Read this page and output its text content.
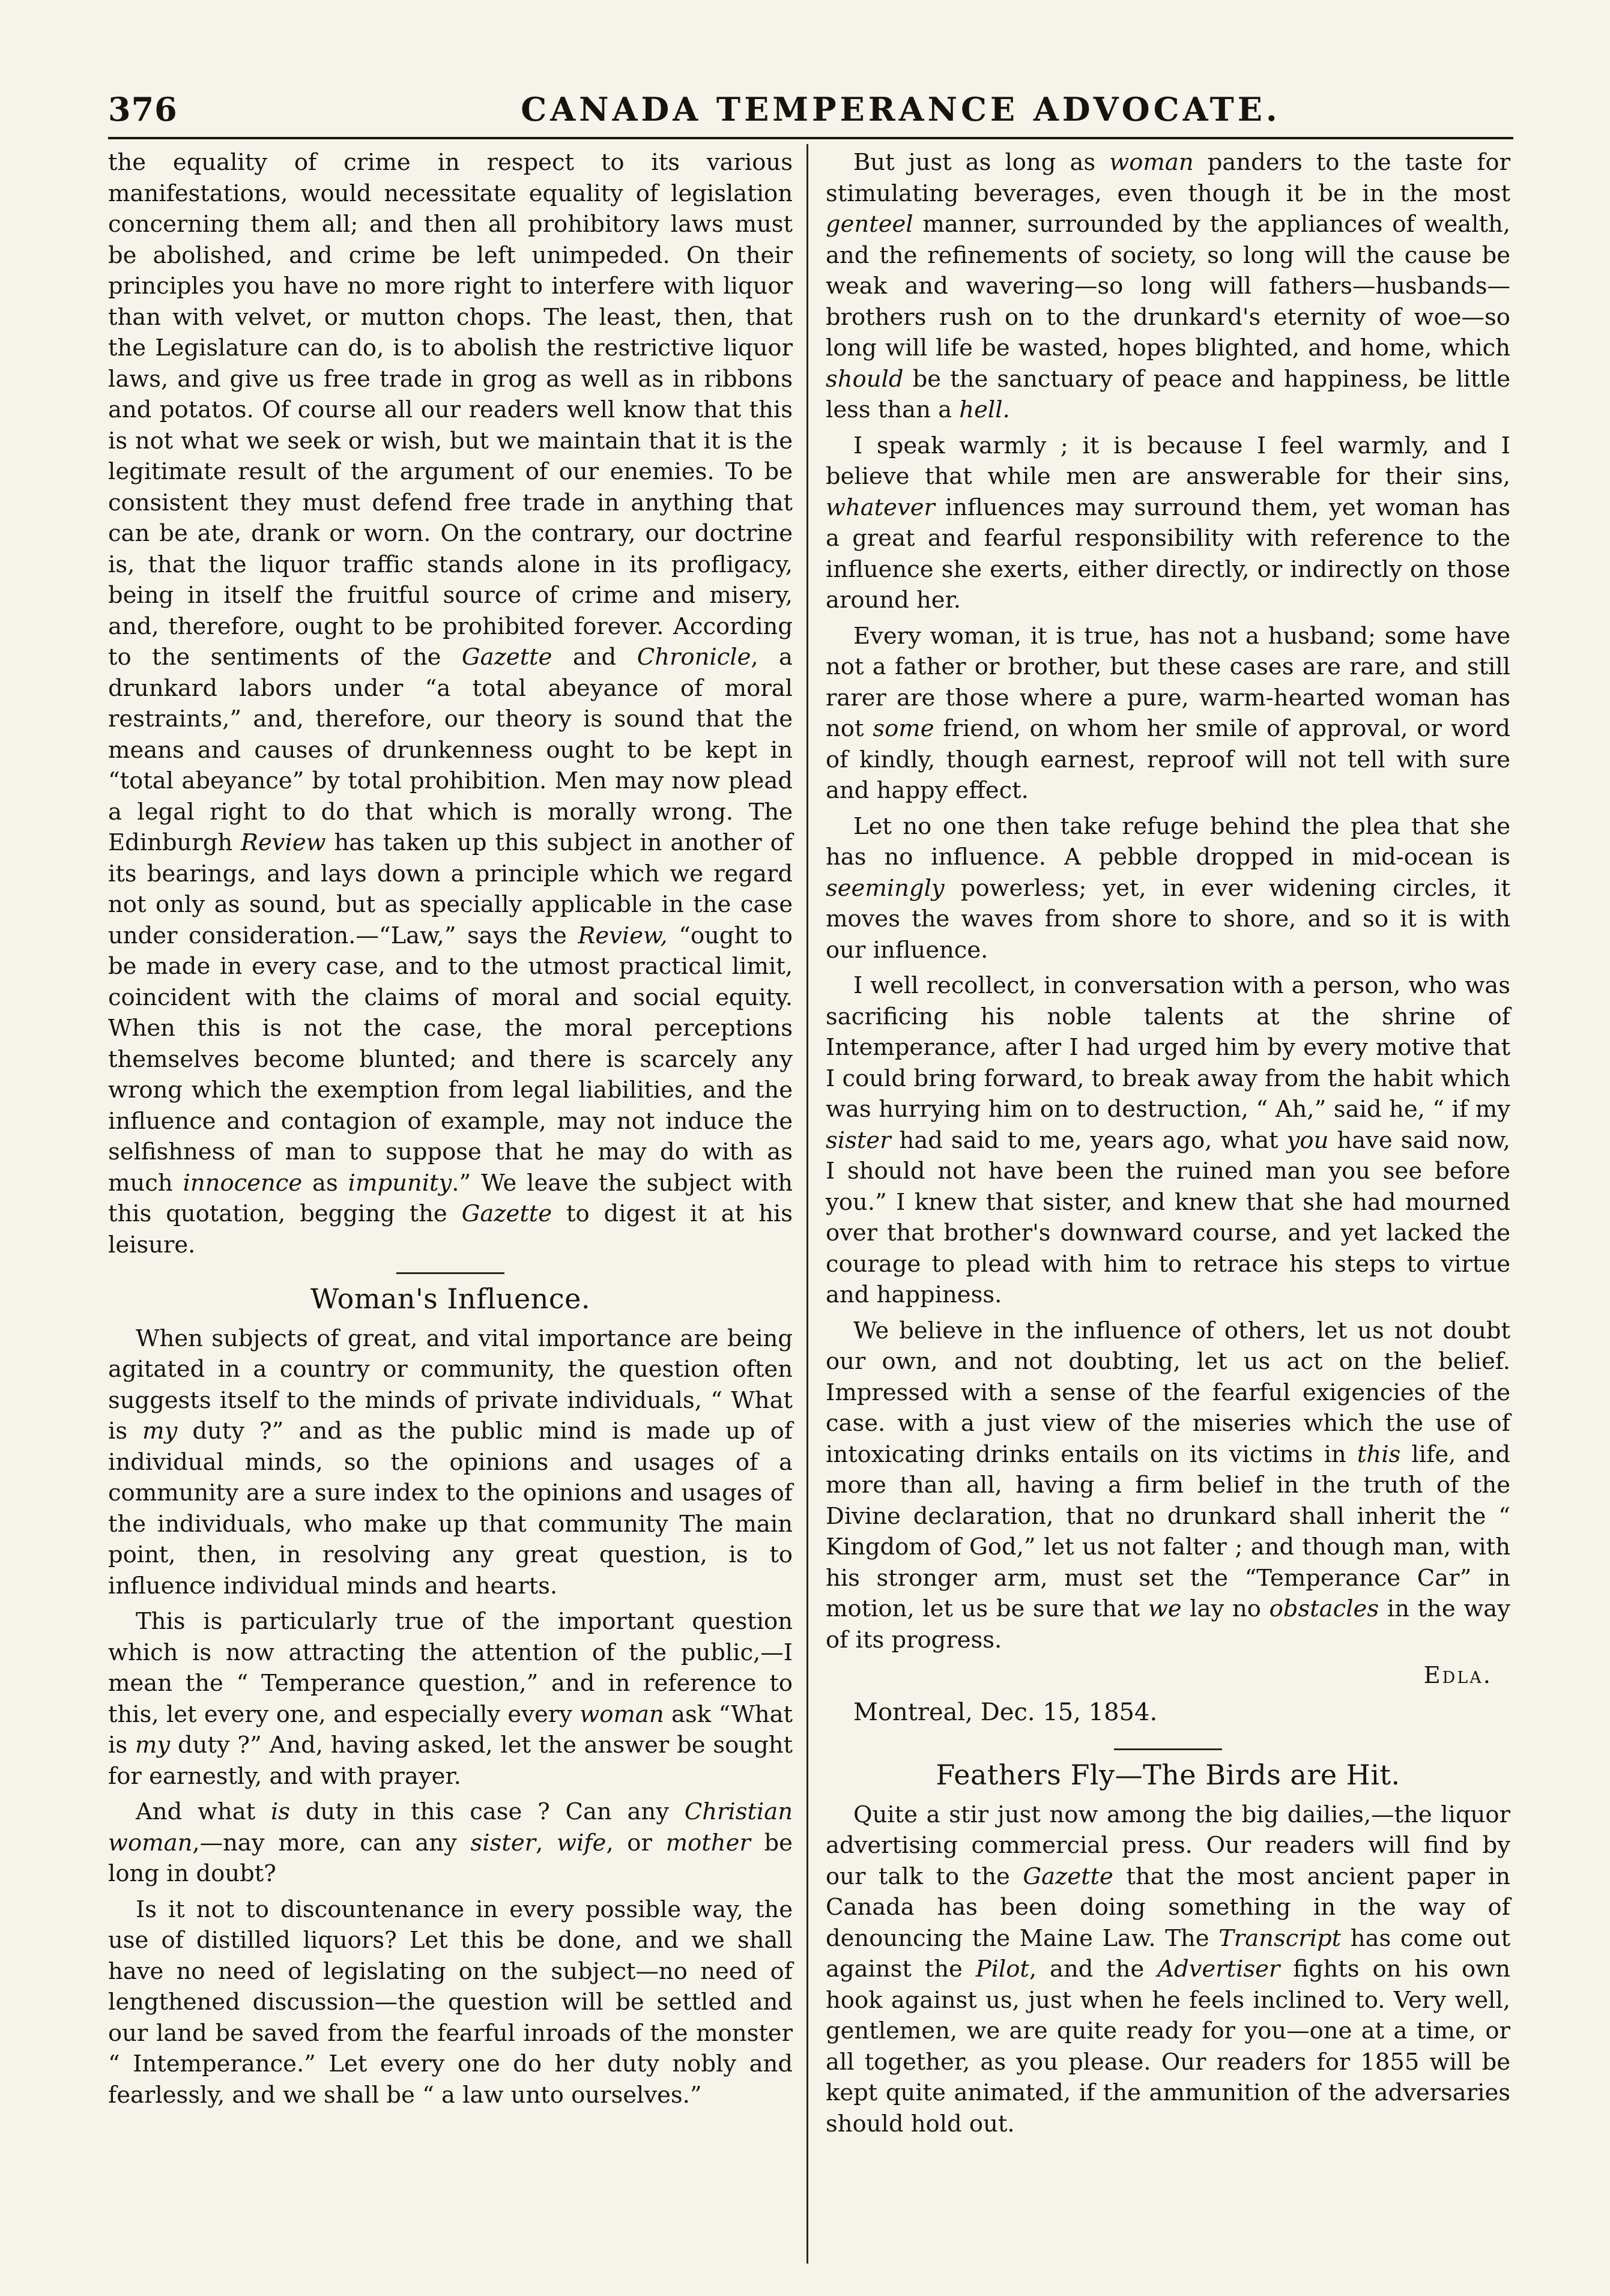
376	CANADA TEMPERANCE ADVOCATE.

the equality of crime in respect to its various manifestations, would necessitate equality of legislation concerning them all; and then all prohibitory laws must be abolished, and crime be left unimpeded. On their principles you have no more right to interfere with liquor than with velvet, or mutton chops. The least, then, that the Legislature can do, is to abolish the restrictive liquor laws, and give us free trade in grog as well as in ribbons and potatos. Of course all our readers well know that this is not what we seek or wish, but we maintain that it is the legitimate result of the argument of our enemies. To be consistent they must defend free trade in anything that can be ate, drank or worn. On the contrary, our doctrine is, that the liquor traffic stands alone in its profligacy, being in itself the fruitful source of crime and misery, and, therefore, ought to be prohibited forever. According to the sentiments of the Gazette and Chronicle, a drunkard labors under “a total abeyance of moral restraints,” and, therefore, our theory is sound that the means and causes of drunkenness ought to be kept in “total abeyance” by total prohibition. Men may now plead a legal right to do that which is morally wrong. The Edinburgh Review has taken up this subject in another of its bearings, and lays down a principle which we regard not only as sound, but as specially applicable in the case under consideration.—“Law,” says the Review, “ought to be made in every case, and to the utmost practical limit, coincident with the claims of moral and social equity. When this is not the case, the moral perceptions themselves become blunted; and there is scarcely any wrong which the exemption from legal liabilities, and the influence and contagion of example, may not induce the selfishness of man to suppose that he may do with as much innocence as impunity.” We leave the subject with this quotation, begging the Gazette to digest it at his leisure.

Woman's Influence.

When subjects of great, and vital importance are being agitated in a country or community, the question often suggests itself to the minds of private individuals, “ What is my duty ?” and as the public mind is made up of individual minds, so the opinions and usages of a community are a sure index to the opinions and usages of the individuals, who make up that community The main point, then, in resolving any great question, is to influence individual minds and hearts.

This is particularly true of the important question which is now attracting the attention of the public,—I mean the “ Temperance question,” and in reference to this, let every one, and especially every woman ask “What is my duty ?” And, having asked, let the answer be sought for earnestly, and with prayer.

And what is duty in this case ? Can any Christian woman,—nay more, can any sister, wife, or mother be long in doubt?

Is it not to discountenance in every possible way, the use of distilled liquors? Let this be done, and we shall have no need of legislating on the subject—no need of lengthened discussion—the question will be settled and our land be saved from the fearful inroads of the monster “ Intemperance.” Let every one do her duty nobly and fearlessly, and we shall be “ a law unto ourselves.”

But just as long as woman panders to the taste for stimulating beverages, even though it be in the most genteel manner, surrounded by the appliances of wealth, and the refinements of society, so long will the cause be weak and wavering—so long will fathers—husbands—brothers rush on to the drunkard's eternity of woe—so long will life be wasted, hopes blighted, and home, which should be the sanctuary of peace and happiness, be little less than a hell.

I speak warmly ; it is because I feel warmly, and I believe that while men are answerable for their sins, whatever influences may surround them, yet woman has a great and fearful responsibility with reference to the influence she exerts, either directly, or indirectly on those around her.

Every woman, it is true, has not a husband; some have not a father or brother, but these cases are rare, and still rarer are those where a pure, warm-hearted woman has not some friend, on whom her smile of approval, or word of kindly, though earnest, reproof will not tell with sure and happy effect.

Let no one then take refuge behind the plea that she has no influence. A pebble dropped in mid-ocean is seemingly powerless; yet, in ever widening circles, it moves the waves from shore to shore, and so it is with our influence.

I well recollect, in conversation with a person, who was sacrificing his noble talents at the shrine of Intemperance, after I had urged him by every motive that I could bring forward, to break away from the habit which was hurrying him on to destruction, “ Ah,” said he, “ if my sister had said to me, years ago, what you have said now, I should not have been the ruined man you see before you.” I knew that sister, and knew that she had mourned over that brother's downward course, and yet lacked the courage to plead with him to retrace his steps to virtue and happiness.

We believe in the influence of others, let us not doubt our own, and not doubting, let us act on the belief. Impressed with a sense of the fearful exigencies of the case. with a just view of the miseries which the use of intoxicating drinks entails on its victims in this life, and more than all, having a firm belief in the truth of the Divine declaration, that no drunkard shall inherit the “ Kingdom of God,” let us not falter ; and though man, with his stronger arm, must set the “Temperance Car” in motion, let us be sure that we lay no obstacles in the way of its progress.

Edla.
Montreal, Dec. 15, 1854.
Feathers Fly—The Birds are Hit.

Quite a stir just now among the big dailies,—the liquor advertising commercial press. Our readers will find by our talk to the Gazette that the most ancient paper in Canada has been doing something in the way of denouncing the Maine Law. The Transcript has come out against the Pilot, and the Advertiser fights on his own hook against us, just when he feels inclined to. Very well, gentlemen, we are quite ready for you—one at a time, or all together, as you please. Our readers for 1855 will be kept quite animated, if the ammunition of the adversaries should hold out.
